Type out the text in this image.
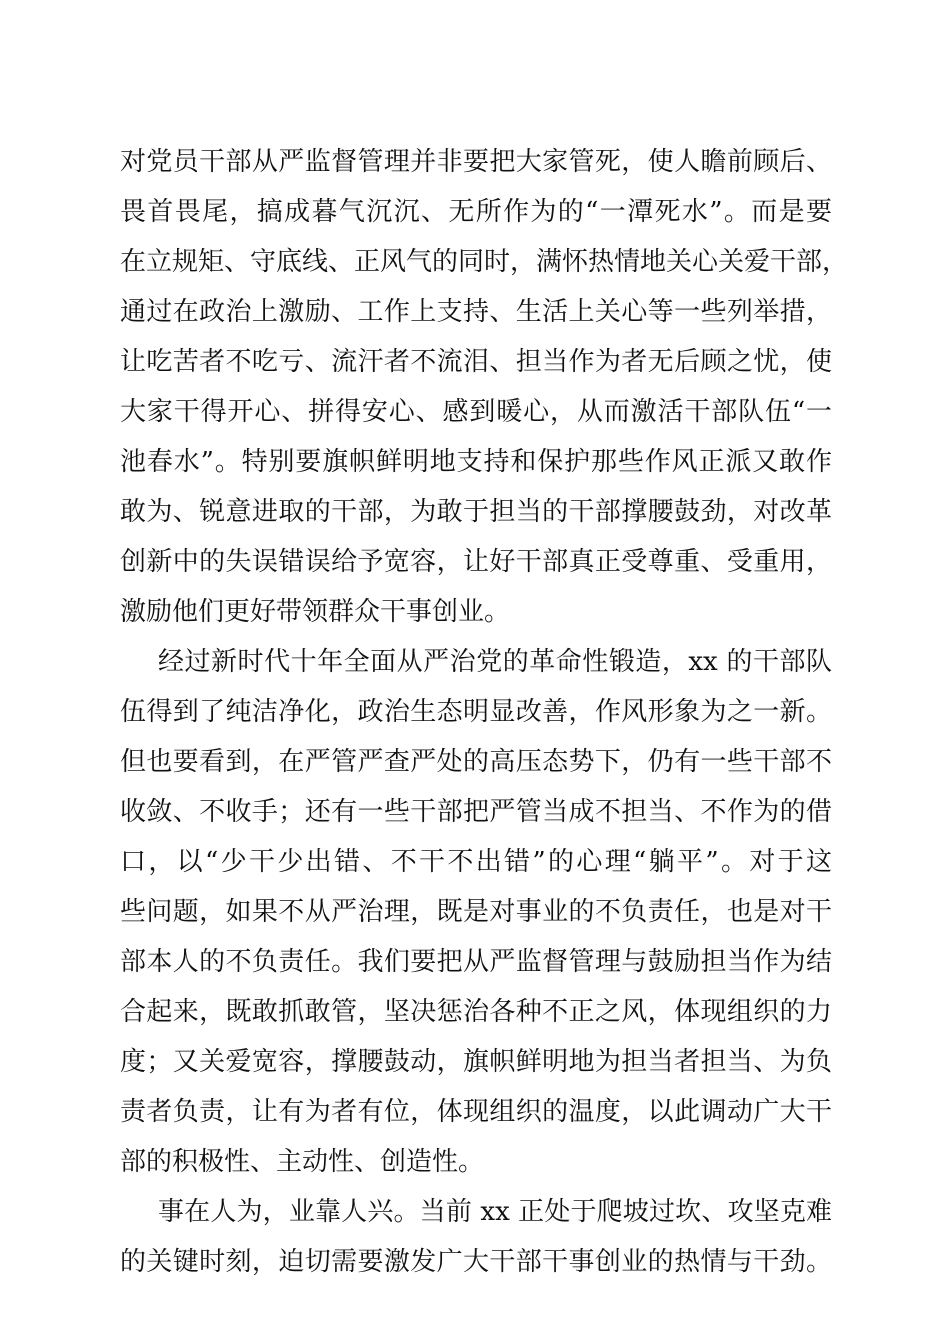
对党员干部从严监督管理并非要把大家管死，使人瞻前顾后、
畏首畏尾，搞成暮气沉沉、无所作为的“一潭死水”。而是要
在立规矩、守底线、正风气的同时，满怀热情地关心关爱干部，
通过在政治上激励、工作上支持、生活上关心等一些列举措，
让吃苦者不吃亏、流汗者不流泪、担当作为者无后顾之忧，使
大家干得开心、拼得安心、感到暖心，从而激活干部队伍“一
池春水”。特别要旗帜鲜明地支持和保护那些作风正派又敢作
敢为、锐意进取的干部，为敢于担当的干部撑腰鼓劲，对改革
创新中的失误错误给予宽容，让好干部真正受尊重、受重用，
激励他们更好带领群众干事创业。
经过新时代十年全面从严治党的革命性锻造，xx 的干部队
伍得到了纯洁净化，政治生态明显改善，作风形象为之一新。
但也要看到，在严管严查严处的高压态势下，仍有一些干部不
收敛、不收手；还有一些干部把严管当成不担当、不作为的借
口，以“少干少出错、不干不出错”的心理“躺平”。对于这
些问题，如果不从严治理，既是对事业的不负责任，也是对干
部本人的不负责任。我们要把从严监督管理与鼓励担当作为结
合起来，既敢抓敢管，坚决惩治各种不正之风，体现组织的力
度；又关爱宽容，撑腰鼓动，旗帜鲜明地为担当者担当、为负
责者负责，让有为者有位，体现组织的温度，以此调动广大干
部的积极性、主动性、创造性。
事在人为，业靠人兴。当前 xx 正处于爬坡过坎、攻坚克难
的关键时刻，迫切需要激发广大干部干事创业的热情与干劲。
